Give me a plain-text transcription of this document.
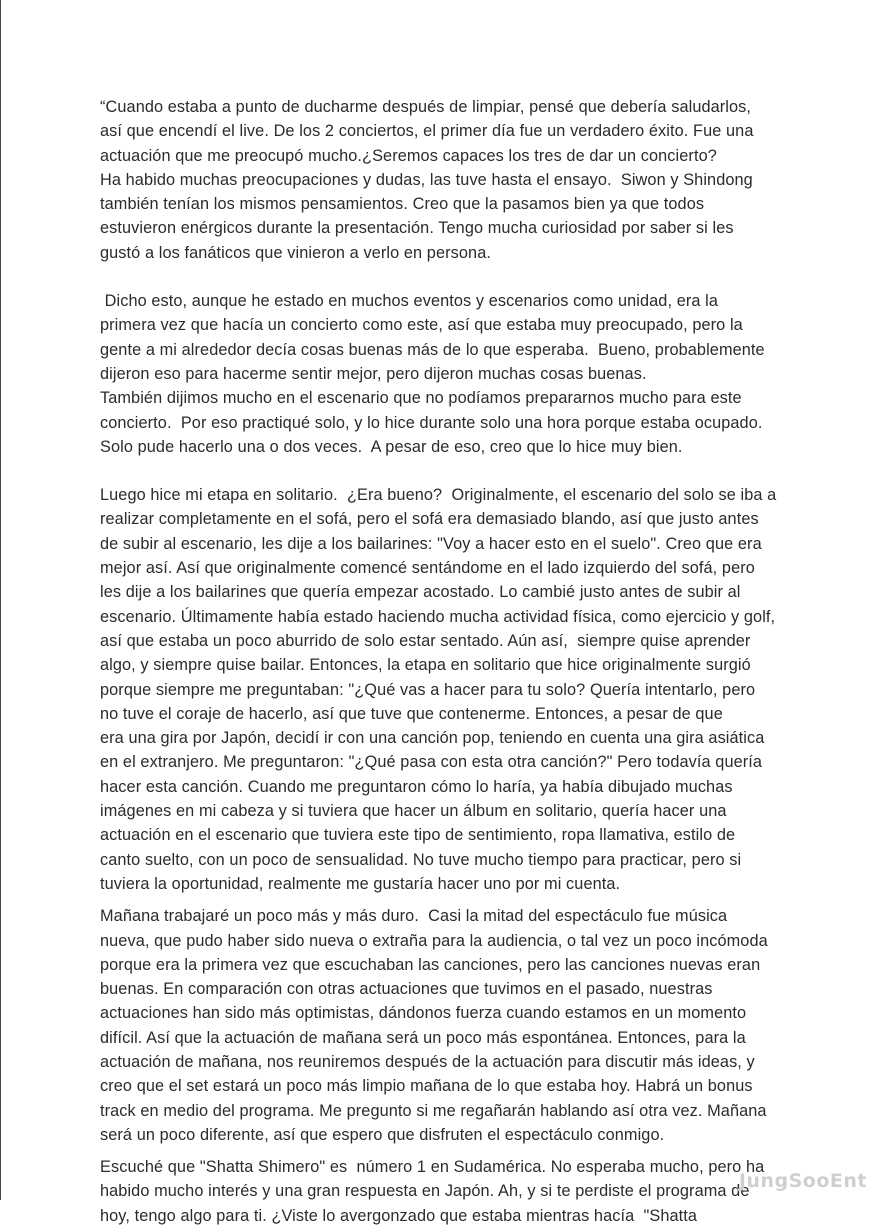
“Cuando estaba a punto de ducharme después de limpiar, pensé que debería saludarlos,
así que encendí el live. De los 2 conciertos, el primer día fue un verdadero éxito. Fue una
actuación que me preocupó mucho.¿Seremos capaces los tres de dar un concierto?
Ha habido muchas preocupaciones y dudas, las tuve hasta el ensayo.  Siwon y Shindong
también tenían los mismos pensamientos. Creo que la pasamos bien ya que todos
estuvieron enérgicos durante la presentación. Tengo mucha curiosidad por saber si les
gustó a los fanáticos que vinieron a verlo en persona.
Dicho esto, aunque he estado en muchos eventos y escenarios como unidad, era la
primera vez que hacía un concierto como este, así que estaba muy preocupado, pero la
gente a mi alrededor decía cosas buenas más de lo que esperaba.  Bueno, probablemente
dijeron eso para hacerme sentir mejor, pero dijeron muchas cosas buenas.
También dijimos mucho en el escenario que no podíamos prepararnos mucho para este
concierto.  Por eso practiqué solo, y lo hice durante solo una hora porque estaba ocupado.
Solo pude hacerlo una o dos veces.  A pesar de eso, creo que lo hice muy bien.
Luego hice mi etapa en solitario.  ¿Era bueno?  Originalmente, el escenario del solo se iba a
realizar completamente en el sofá, pero el sofá era demasiado blando, así que justo antes
de subir al escenario, les dije a los bailarines: "Voy a hacer esto en el suelo". Creo que era
mejor así. Así que originalmente comencé sentándome en el lado izquierdo del sofá, pero
les dije a los bailarines que quería empezar acostado. Lo cambié justo antes de subir al
escenario. Últimamente había estado haciendo mucha actividad física, como ejercicio y golf,
así que estaba un poco aburrido de solo estar sentado. Aún así,  siempre quise aprender
algo, y siempre quise bailar. Entonces, la etapa en solitario que hice originalmente surgió
porque siempre me preguntaban: "¿Qué vas a hacer para tu solo? Quería intentarlo, pero
no tuve el coraje de hacerlo, así que tuve que contenerme. Entonces, a pesar de que
era una gira por Japón, decidí ir con una canción pop, teniendo en cuenta una gira asiática
en el extranjero. Me preguntaron: "¿Qué pasa con esta otra canción?" Pero todavía quería
hacer esta canción. Cuando me preguntaron cómo lo haría, ya había dibujado muchas
imágenes en mi cabeza y si tuviera que hacer un álbum en solitario, quería hacer una
actuación en el escenario que tuviera este tipo de sentimiento, ropa llamativa, estilo de
canto suelto, con un poco de sensualidad. No tuve mucho tiempo para practicar, pero si
tuviera la oportunidad, realmente me gustaría hacer uno por mi cuenta.
Mañana trabajaré un poco más y más duro.  Casi la mitad del espectáculo fue música
nueva, que pudo haber sido nueva o extraña para la audiencia, o tal vez un poco incómoda
porque era la primera vez que escuchaban las canciones, pero las canciones nuevas eran
buenas. En comparación con otras actuaciones que tuvimos en el pasado, nuestras
actuaciones han sido más optimistas, dándonos fuerza cuando estamos en un momento
difícil. Así que la actuación de mañana será un poco más espontánea. Entonces, para la
actuación de mañana, nos reuniremos después de la actuación para discutir más ideas, y
creo que el set estará un poco más limpio mañana de lo que estaba hoy. Habrá un bonus
track en medio del programa. Me pregunto si me regañarán hablando así otra vez. Mañana
será un poco diferente, así que espero que disfruten el espectáculo conmigo.
Escuché que "Shatta Shimero" es  número 1 en Sudamérica. No esperaba mucho, pero ha
habido mucho interés y una gran respuesta en Japón. Ah, y si te perdiste el programa de
hoy, tengo algo para ti. ¿Viste lo avergonzado que estaba mientras hacía  "Shatta
JungSooEnt
